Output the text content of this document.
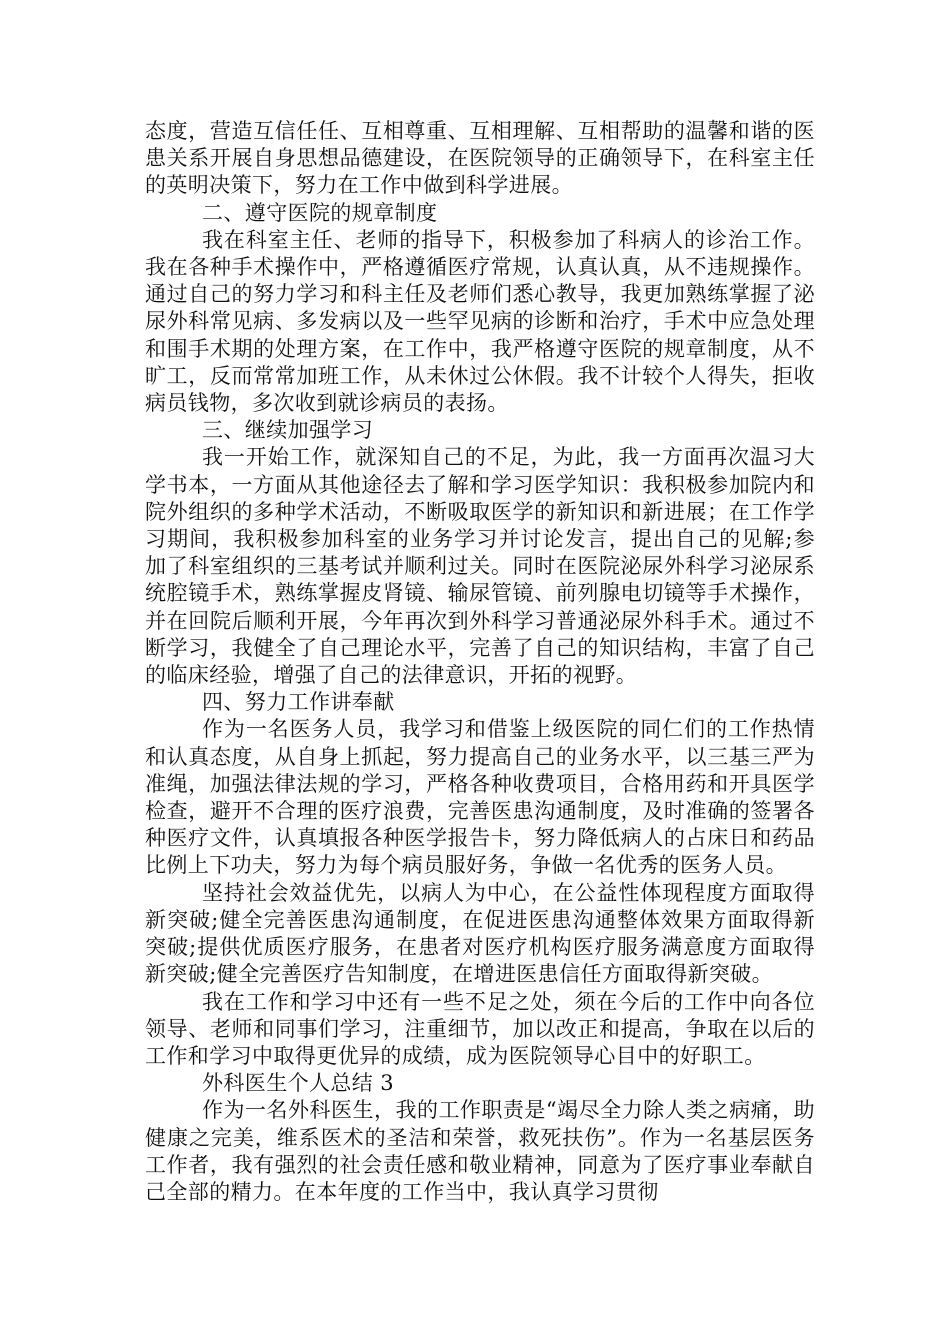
态度，营造互信任任、互相尊重、互相理解、互相帮助的温馨和谐的医患关系开展自身思想品德建设，在医院领导的正确领导下，在科室主任的英明决策下，努力在工作中做到科学进展。

二、遵守医院的规章制度

我在科室主任、老师的指导下，积极参加了科病人的诊治工作。我在各种手术操作中，严格遵循医疗常规，认真认真，从不违规操作。通过自己的努力学习和科主任及老师们悉心教导，我更加熟练掌握了泌尿外科常见病、多发病以及一些罕见病的诊断和治疗，手术中应急处理和围手术期的处理方案，在工作中，我严格遵守医院的规章制度，从不旷工，反而常常加班工作，从未休过公休假。我不计较个人得失，拒收病员钱物，多次收到就诊病员的表扬。

三、继续加强学习

我一开始工作，就深知自己的不足，为此，我一方面再次温习大学书本，一方面从其他途径去了解和学习医学知识：我积极参加院内和院外组织的多种学术活动，不断吸取医学的新知识和新进展；在工作学习期间，我积极参加科室的业务学习并讨论发言，提出自己的见解;参加了科室组织的三基考试并顺利过关。同时在医院泌尿外科学习泌尿系统腔镜手术，熟练掌握皮肾镜、输尿管镜、前列腺电切镜等手术操作，并在回院后顺利开展，今年再次到外科学习普通泌尿外科手术。通过不断学习，我健全了自己理论水平，完善了自己的知识结构，丰富了自己的临床经验，增强了自己的法律意识，开拓的视野。

四、努力工作讲奉献

作为一名医务人员，我学习和借鉴上级医院的同仁们的工作热情和认真态度，从自身上抓起，努力提高自己的业务水平，以三基三严为准绳，加强法律法规的学习，严格各种收费项目，合格用药和开具医学检查，避开不合理的医疗浪费，完善医患沟通制度，及时准确的签署各种医疗文件，认真填报各种医学报告卡，努力降低病人的占床日和药品比例上下功夫，努力为每个病员服好务，争做一名优秀的医务人员。

坚持社会效益优先，以病人为中心，在公益性体现程度方面取得新突破;健全完善医患沟通制度，在促进医患沟通整体效果方面取得新突破;提供优质医疗服务，在患者对医疗机构医疗服务满意度方面取得新突破;健全完善医疗告知制度，在增进医患信任方面取得新突破。

我在工作和学习中还有一些不足之处，须在今后的工作中向各位领导、老师和同事们学习，注重细节，加以改正和提高，争取在以后的工作和学习中取得更优异的成绩，成为医院领导心目中的好职工。

外科医生个人总结 3

作为一名外科医生，我的工作职责是“竭尽全力除人类之病痛，助健康之完美，维系医术的圣洁和荣誉，救死扶伤”。作为一名基层医务工作者，我有强烈的社会责任感和敬业精神，同意为了医疗事业奉献自己全部的精力。在本年度的工作当中，我认真学习贯彻
